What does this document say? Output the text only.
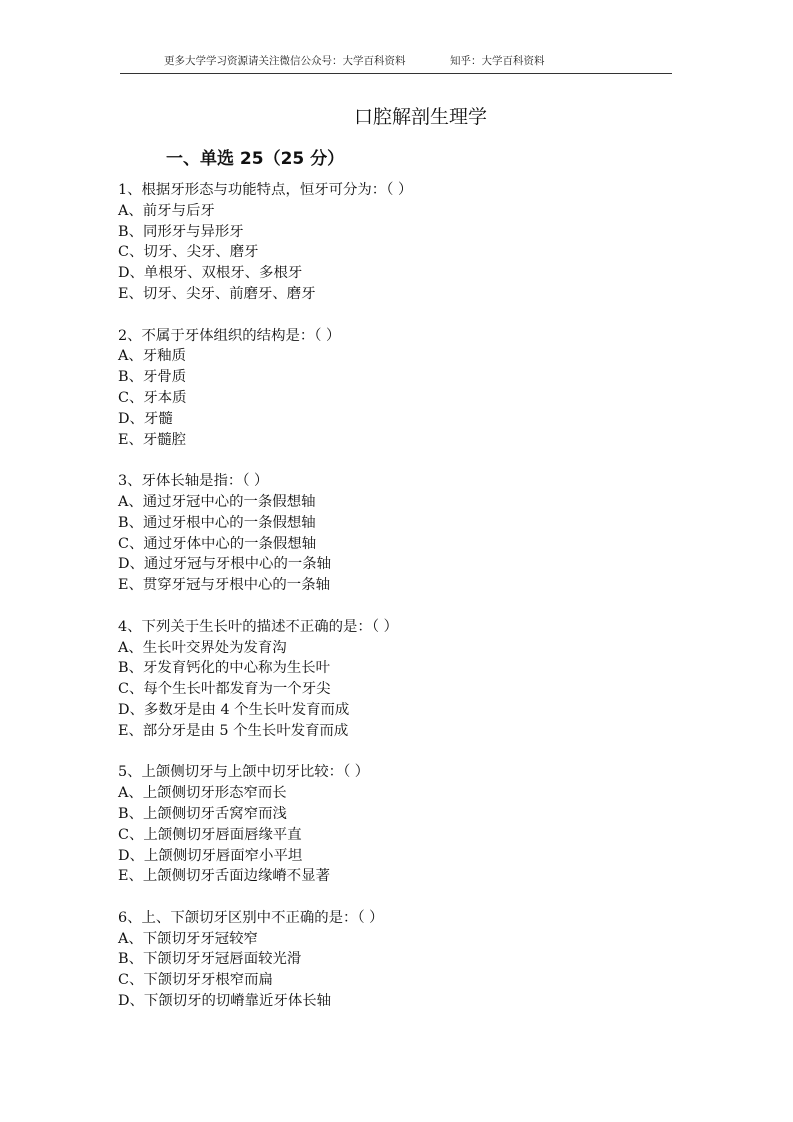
更多大学学习资源请关注微信公众号：大学百科资料	知乎：大学百科资料
口腔解剖生理学
一、单选 25（25 分）
1、根据牙形态与功能特点，恒牙可分为：（ ）
A、前牙与后牙
B、同形牙与异形牙
C、切牙、尖牙、磨牙
D、单根牙、双根牙、多根牙
E、切牙、尖牙、前磨牙、磨牙
2、不属于牙体组织的结构是：（ ）
A、牙釉质
B、牙骨质
C、牙本质
D、牙髓
E、牙髓腔
3、牙体长轴是指：（ ）
A、通过牙冠中心的一条假想轴
B、通过牙根中心的一条假想轴
C、通过牙体中心的一条假想轴
D、通过牙冠与牙根中心的一条轴
E、贯穿牙冠与牙根中心的一条轴
4、下列关于生长叶的描述不正确的是：（ ）
A、生长叶交界处为发育沟
B、牙发育钙化的中心称为生长叶
C、每个生长叶都发育为一个牙尖
D、多数牙是由 4 个生长叶发育而成
E、部分牙是由 5 个生长叶发育而成
5、上颌侧切牙与上颌中切牙比较：（ ）
A、上颌侧切牙形态窄而长
B、上颌侧切牙舌窝窄而浅
C、上颌侧切牙唇面唇缘平直
D、上颌侧切牙唇面窄小平坦
E、上颌侧切牙舌面边缘嵴不显著
6、上、下颌切牙区别中不正确的是：（ ）
A、下颌切牙牙冠较窄
B、下颌切牙牙冠唇面较光滑
C、下颌切牙牙根窄而扁
D、下颌切牙的切嵴靠近牙体长轴
